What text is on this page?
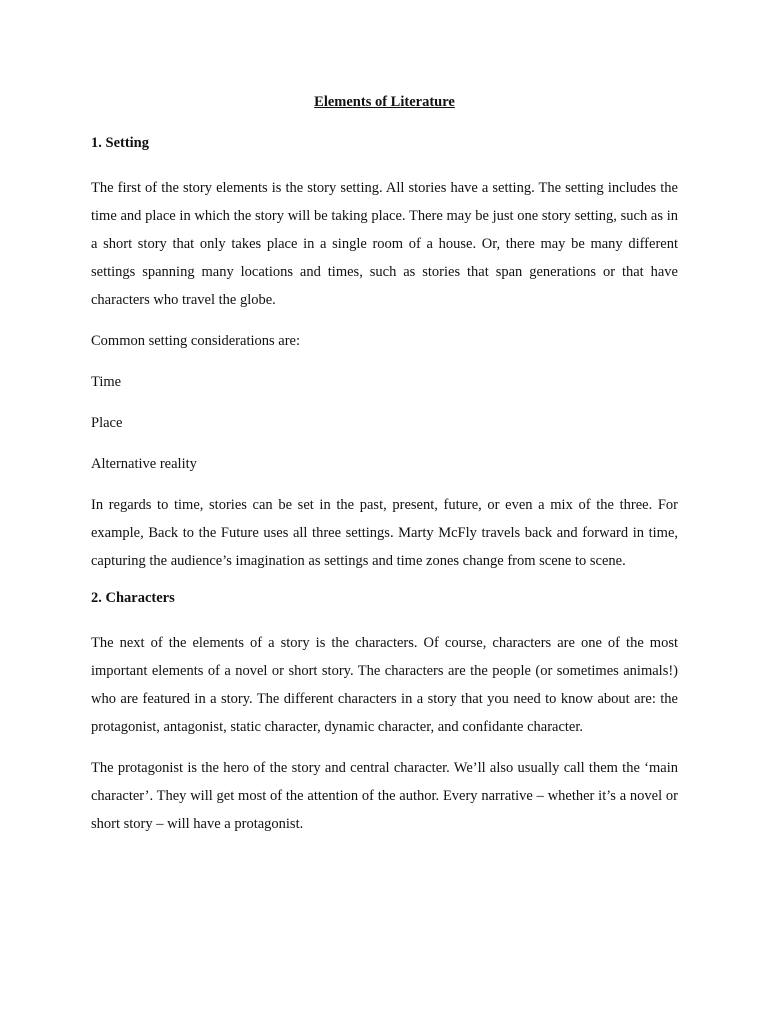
Elements of Literature
1. Setting

The first of the story elements is the story setting. All stories have a setting. The setting includes the time and place in which the story will be taking place. There may be just one story setting, such as in a short story that only takes place in a single room of a house. Or, there may be many different settings spanning many locations and times, such as stories that span generations or that have characters who travel the globe.

Common setting considerations are:

Time
Place
Alternative reality

In regards to time, stories can be set in the past, present, future, or even a mix of the three. For example, Back to the Future uses all three settings. Marty McFly travels back and forward in time, capturing the audience’s imagination as settings and time zones change from scene to scene.

2. Characters

The next of the elements of a story is the characters. Of course, characters are one of the most important elements of a novel or short story. The characters are the people (or sometimes animals!) who are featured in a story. The different characters in a story that you need to know about are: the protagonist, antagonist, static character, dynamic character, and confidante character.

The protagonist is the hero of the story and central character. We’ll also usually call them the ‘main character’. They will get most of the attention of the author. Every narrative – whether it’s a novel or short story – will have a protagonist.
